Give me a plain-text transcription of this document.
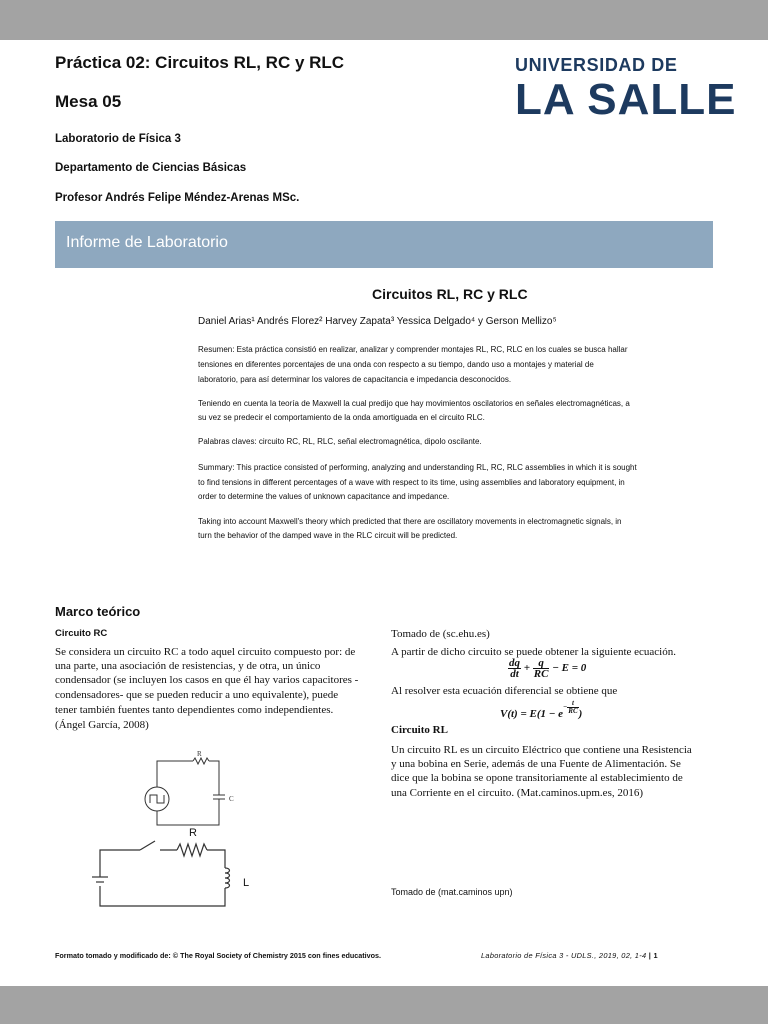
Práctica 02: Circuitos RL, RC y RLC
Mesa 05
Laboratorio de Física 3
Departamento de Ciencias Básicas
Profesor Andrés Felipe Méndez-Arenas MSc.
UNIVERSIDAD DE
LA SALLE
Informe de Laboratorio
Circuitos RL, RC y RLC
Daniel Arias¹ Andrés Florez² Harvey Zapata³ Yessica Delgado⁴ y Gerson Mellizo⁵
Resumen: Esta práctica consistió en realizar, analizar y comprender montajes RL, RC, RLC en los cuales se busca hallar
tensiones en diferentes porcentajes de una onda con respecto a su tiempo, dando uso a montajes y material de
laboratorio, para así determinar los valores de capacitancia e impedancia desconocidos.
Teniendo en cuenta la teoría de Maxwell la cual predijo que hay movimientos oscilatorios en señales electromagnéticas, a
su vez se predecir el comportamiento de la onda amortiguada en el circuito RLC.
Palabras claves: circuito RC, RL, RLC, señal electromagnética, dipolo oscilante.
Summary: This practice consisted of performing, analyzing and understanding RL, RC, RLC assemblies in which it is sought
to find tensions in different percentages of a wave with respect to its time, using assemblies and laboratory equipment, in
order to determine the values of unknown capacitance and impedance.
Taking into account Maxwell's theory which predicted that there are oscillatory movements in electromagnetic signals, in
turn the behavior of the damped wave in the RLC circuit will be predicted.
Marco teórico
Circuito RC
Se considera un circuito RC a todo aquel circuito compuesto por: de
una parte, una asociación de resistencias, y de otra, un único
condensador (se incluyen los casos en que él hay varios capacitores -
condensadores- que se pueden reducir a uno equivalente), puede
tener también fuentes tanto dependientes como independientes.
(Ángel García, 2008)
R
C
R
L
Tomado de (sc.ehu.es)
A partir de dicho circuito se puede obtener la siguiente ecuación.
$\frac{dq}{dt} + \frac{q}{RC} - E = 0$
Al resolver esta ecuación diferencial se obtiene que
$V(t) = E(1 - e^{- \frac{t}{RC}}$ )
Circuito RL
Un circuito RL es un circuito Eléctrico que contiene una Resistencia
y una bobina en Serie, además de una Fuente de Alimentación. Se
dice que la bobina se opone transitoriamente al establecimiento de
una Corriente en el circuito. (Mat.caminos.upm.es, 2016)
Tomado de (mat.caminos upn)
Formato tomado y modificado de: © The Royal Society of Chemistry 2015 con fines educativos.	Laboratorio de Física 3 - UDLS., 2019, 02, 1-4 | 1
